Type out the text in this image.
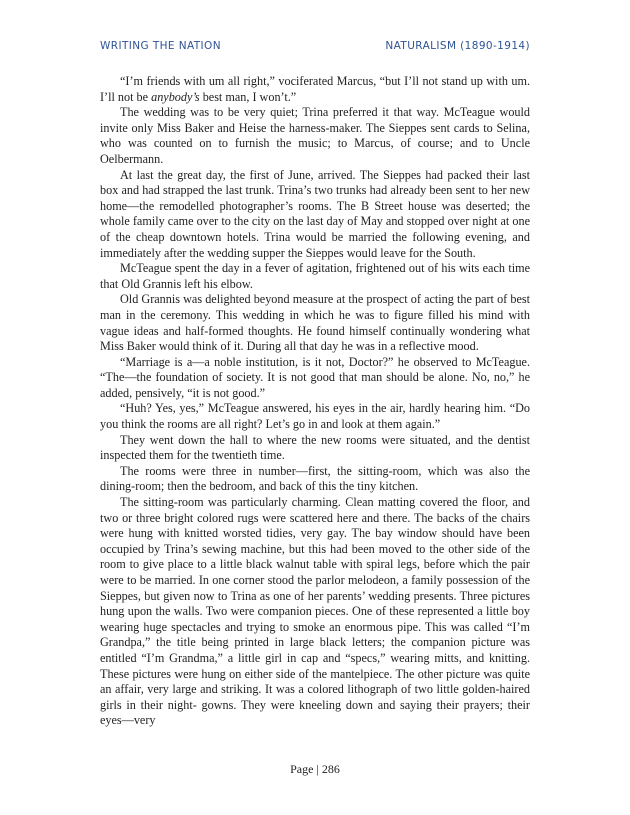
WRITING THE NATION	NATURALISM (1890-1914)

“I’m friends with um all right,” vociferated Marcus, “but I’ll not stand up with um. I’ll not be anybody’s best man, I won’t.”

The wedding was to be very quiet; Trina preferred it that way. McTeague would invite only Miss Baker and Heise the harness-maker. The Sieppes sent cards to Selina, who was counted on to furnish the music; to Marcus, of course; and to Uncle Oelbermann.

At last the great day, the first of June, arrived. The Sieppes had packed their last box and had strapped the last trunk. Trina’s two trunks had already been sent to her new home—the remodelled photographer’s rooms. The B Street house was deserted; the whole family came over to the city on the last day of May and stopped over night at one of the cheap downtown hotels. Trina would be married the following evening, and immediately after the wedding supper the Sieppes would leave for the South.

McTeague spent the day in a fever of agitation, frightened out of his wits each time that Old Grannis left his elbow.

Old Grannis was delighted beyond measure at the prospect of acting the part of best man in the ceremony. This wedding in which he was to figure filled his mind with vague ideas and half-formed thoughts. He found himself continually wondering what Miss Baker would think of it. During all that day he was in a reflective mood.

“Marriage is a—a noble institution, is it not, Doctor?” he observed to McTeague. “The—the foundation of society. It is not good that man should be alone. No, no,” he added, pensively, “it is not good.”

“Huh? Yes, yes,” McTeague answered, his eyes in the air, hardly hearing him. “Do you think the rooms are all right? Let’s go in and look at them again.”

They went down the hall to where the new rooms were situated, and the dentist inspected them for the twentieth time.

The rooms were three in number—first, the sitting-room, which was also the dining-room; then the bedroom, and back of this the tiny kitchen.

The sitting-room was particularly charming. Clean matting covered the floor, and two or three bright colored rugs were scattered here and there. The backs of the chairs were hung with knitted worsted tidies, very gay. The bay window should have been occupied by Trina’s sewing machine, but this had been moved to the other side of the room to give place to a little black walnut table with spiral legs, before which the pair were to be married. In one corner stood the parlor melodeon, a family possession of the Sieppes, but given now to Trina as one of her parents’ wedding presents. Three pictures hung upon the walls. Two were companion pieces. One of these represented a little boy wearing huge spectacles and trying to smoke an enormous pipe. This was called “I’m Grandpa,” the title being printed in large black letters; the companion picture was entitled “I’m Grandma,” a little girl in cap and “specs,” wearing mitts, and knitting. These pictures were hung on either side of the mantelpiece. The other picture was quite an affair, very large and striking. It was a colored lithograph of two little golden-haired girls in their night- gowns. They were kneeling down and saying their prayers; their eyes—very

Page | 286
